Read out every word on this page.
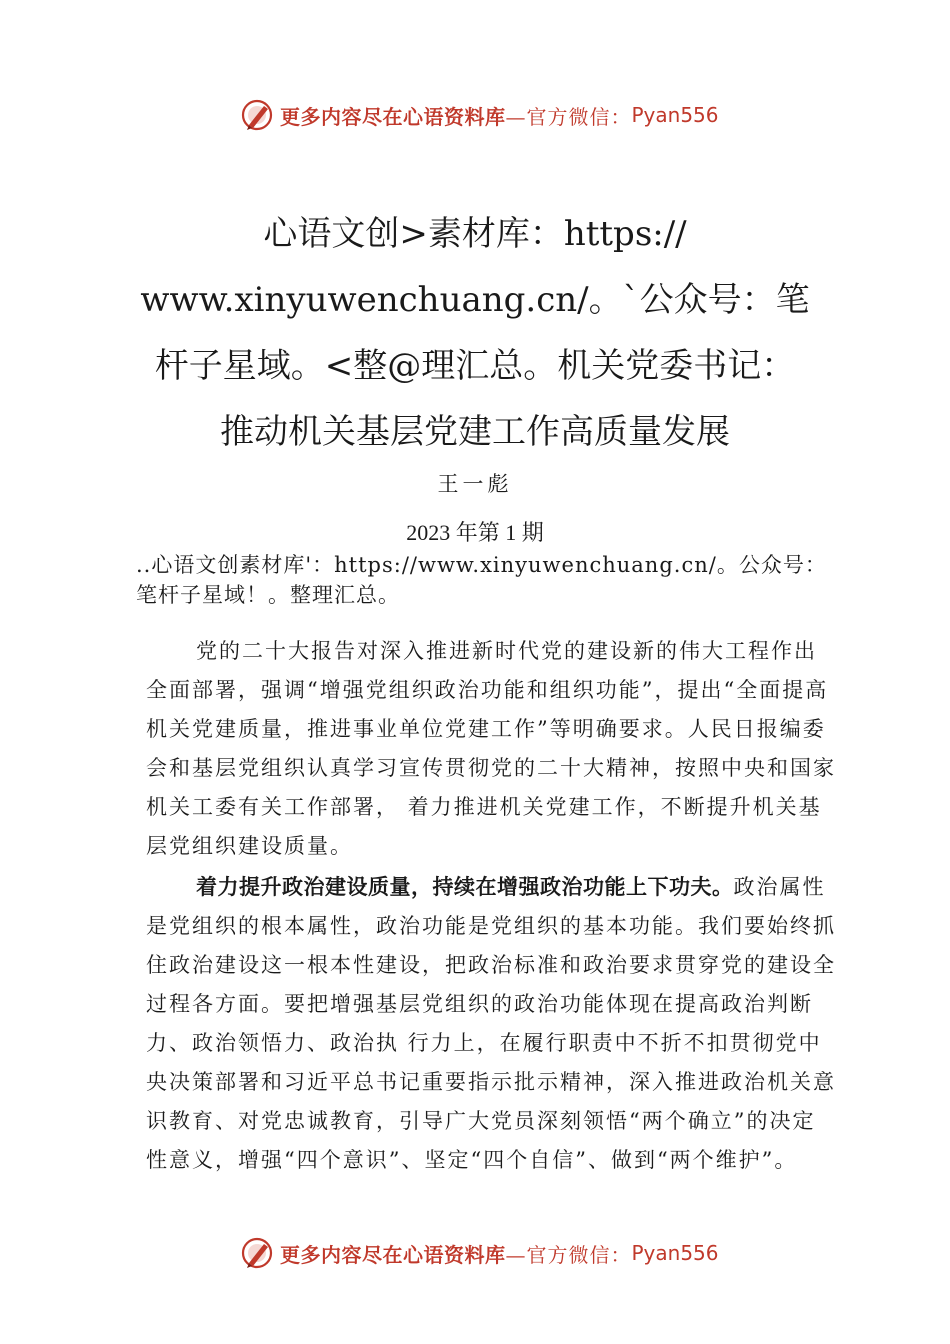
更多内容尽在心语资料库 —官方微信： Pyan556
心语文创>素材库：https://
www.xinyuwenchuang.cn/。`公众号：笔
杆子星域。<整@理汇总。机关党委书记：
推动机关基层党建工作高质量发展
王一彪
2023 年第 1 期
..心语文创素材库'：https://www.xinyuwenchuang.cn/。公众号：笔杆子星域！。整理汇总。
党的二十大报告对深入推进新时代党的建设新的伟大工程作出全面部署，强调“增强党组织政治功能和组织功能”，提出“全面提高机关党建质量，推进事业单位党建工作”等明确要求。人民日报编委会和基层党组织认真学习宣传贯彻党的二十大精神，按照中央和国家机关工委有关工作部署， 着力推进机关党建工作，不断提升机关基层党组织建设质量。
着力提升政治建设质量，持续在增强政治功能上下功夫。政治属性是党组织的根本属性，政治功能是党组织的基本功能。我们要始终抓住政治建设这一根本性建设，把政治标准和政治要求贯穿党的建设全过程各方面。要把增强基层党组织的政治功能体现在提高政治判断力、政治领悟力、政治执 行力上，在履行职责中不折不扣贯彻党中央决策部署和习近平总书记重要指示批示精神，深入推进政治机关意识教育、对党忠诚教育，引导广大党员深刻领悟“两个确立”的决定 性意义，增强“四个意识”、坚定“四个自信”、做到“两个维护”。
更多内容尽在心语资料库 —官方微信： Pyan556
